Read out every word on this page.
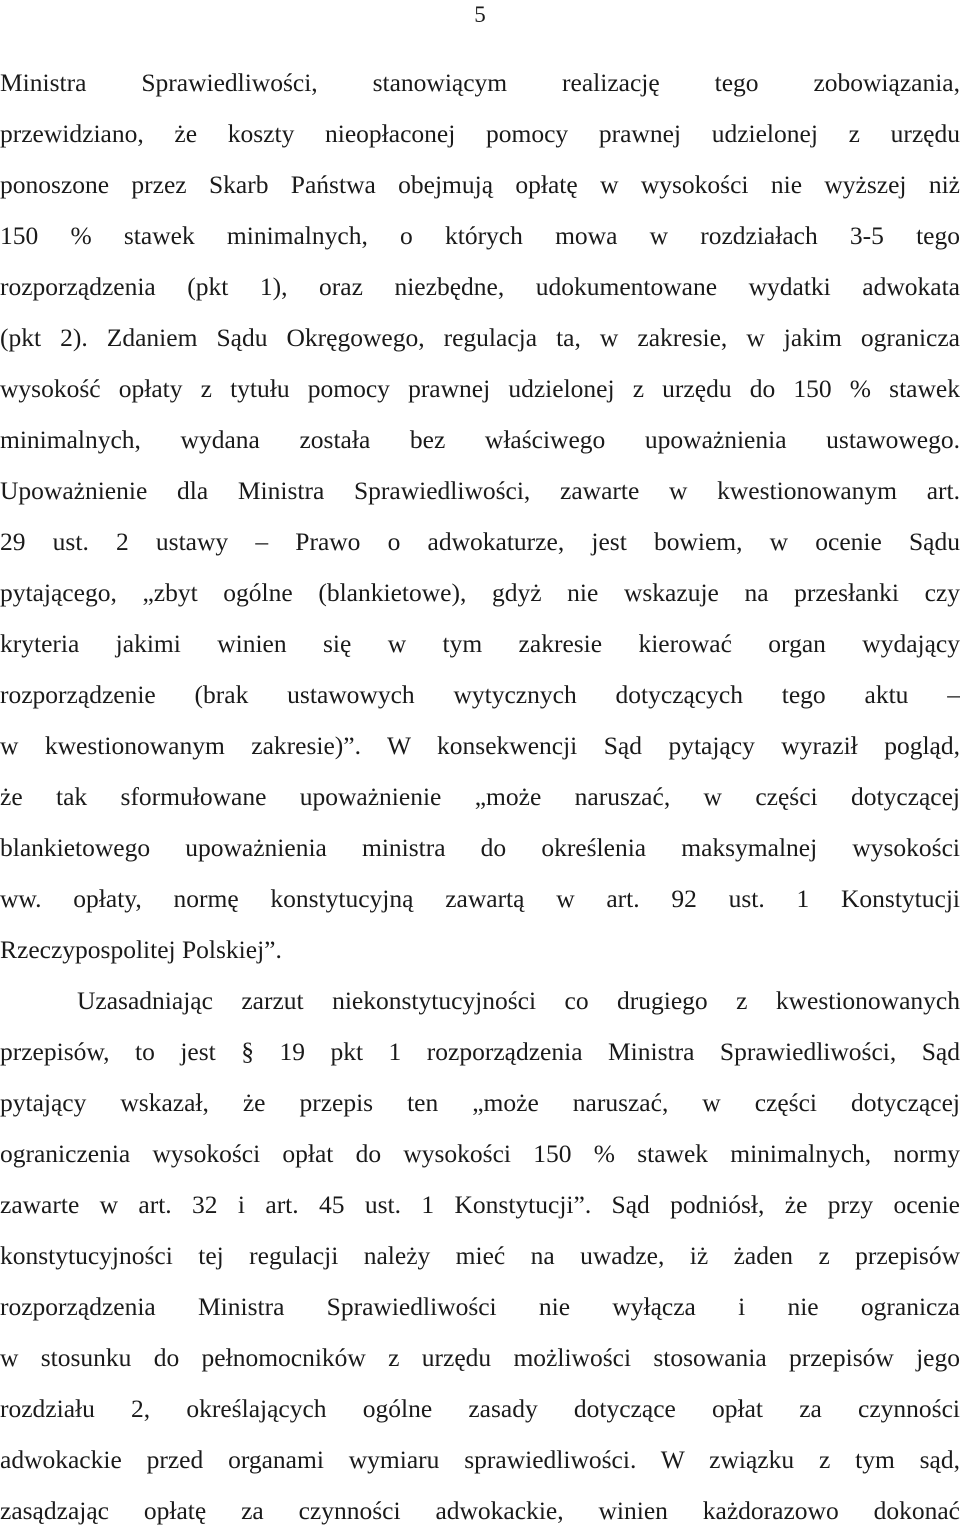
5
Ministra Sprawiedliwości, stanowiącym realizację tego zobowiązania,
przewidziano, że koszty nieopłaconej pomocy prawnej udzielonej z urzędu
ponoszone przez Skarb Państwa obejmują opłatę w wysokości nie wyższej niż
150 % stawek minimalnych, o których mowa w rozdziałach 3-5 tego
rozporządzenia (pkt 1), oraz niezbędne, udokumentowane wydatki adwokata
(pkt 2). Zdaniem Sądu Okręgowego, regulacja ta, w zakresie, w jakim ogranicza
wysokość opłaty z tytułu pomocy prawnej udzielonej z urzędu do 150 % stawek
minimalnych, wydana została bez właściwego upoważnienia ustawowego.
Upoważnienie dla Ministra Sprawiedliwości, zawarte w kwestionowanym art.
29 ust. 2 ustawy – Prawo o adwokaturze, jest bowiem, w ocenie Sądu
pytającego, „zbyt ogólne (blankietowe), gdyż nie wskazuje na przesłanki czy
kryteria jakimi winien się w tym zakresie kierować organ wydający
rozporządzenie (brak ustawowych wytycznych dotyczących tego aktu –
w kwestionowanym zakresie)”. W konsekwencji Sąd pytający wyraził pogląd,
że tak sformułowane upoważnienie „może naruszać, w części dotyczącej
blankietowego upoważnienia ministra do określenia maksymalnej wysokości
ww. opłaty, normę konstytucyjną zawartą w art. 92 ust. 1 Konstytucji
Rzeczypospolitej Polskiej”.
Uzasadniając zarzut niekonstytucyjności co drugiego z kwestionowanych
przepisów, to jest § 19 pkt 1 rozporządzenia Ministra Sprawiedliwości, Sąd
pytający wskazał, że przepis ten „może naruszać, w części dotyczącej
ograniczenia wysokości opłat do wysokości 150 % stawek minimalnych, normy
zawarte w art. 32 i art. 45 ust. 1 Konstytucji”. Sąd podniósł, że przy ocenie
konstytucyjności tej regulacji należy mieć na uwadze, iż żaden z przepisów
rozporządzenia Ministra Sprawiedliwości nie wyłącza i nie ogranicza
w stosunku do pełnomocników z urzędu możliwości stosowania przepisów jego
rozdziału 2, określających ogólne zasady dotyczące opłat za czynności
adwokackie przed organami wymiaru sprawiedliwości. W związku z tym sąd,
zasądzając opłatę za czynności adwokackie, winien każdorazowo dokonać
